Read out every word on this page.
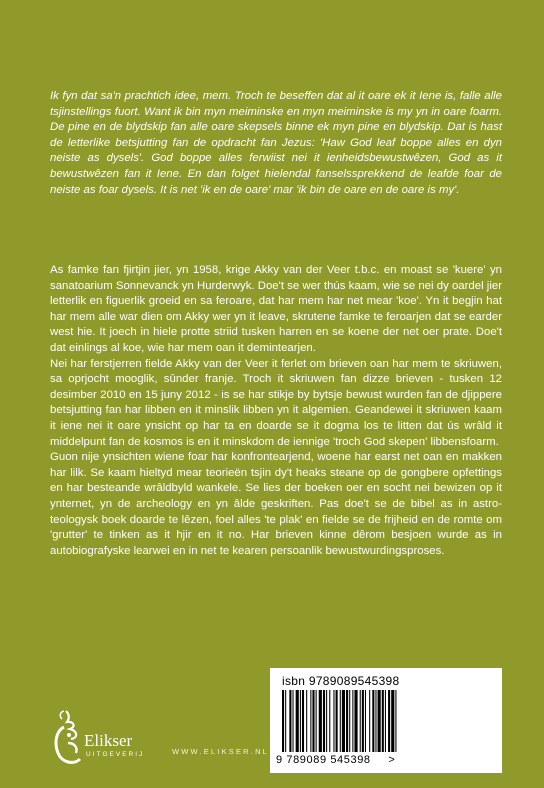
Ik fyn dat sa'n prachtich idee, mem. Troch te beseffen dat al it oare ek it Iene is, falle alle tsjinstellings fuort. Want ik bin myn meiminske en myn meiminske is my yn in oare foarm. De pine en de blydskip fan alle oare skepsels binne ek myn pine en blydskip. Dat is hast de letterlike betsjutting fan de opdracht fan Jezus: 'Haw God leaf boppe alles en dyn neiste as dysels'. God boppe alles ferwiist nei it ienheidsbewustwêzen, God as it bewustwêzen fan it Iene. En dan folget hielendal fanselssprekkend de leafde foar de neiste as foar dysels. It is net 'ik en de oare' mar 'ik bin de oare en de oare is my'.

As famke fan fjirtjin jier, yn 1958, krige Akky van der Veer t.b.c. en moast se 'kuere' yn sanatoarium Sonnevanck yn Hurderwyk. Doe't se wer thús kaam, wie se nei dy oardel jier letterlik en figuerlik groeid en sa feroare, dat har mem har net mear 'koe'. Yn it begjin hat har mem alle war dien om Akky wer yn it leave, skrutene famke te feroarjen dat se earder west hie. It joech in hiele protte striid tusken harren en se koene der net oer prate. Doe't dat einlings al koe, wie har mem oan it demintearjen.

Nei har ferstjerren fielde Akky van der Veer it ferlet om brieven oan har mem te skriuwen, sa oprjocht mooglik, sûnder franje. Troch it skriuwen fan dizze brieven - tusken 12 desimber 2010 en 15 juny 2012 - is se har stikje by bytsje bewust wurden fan de djippere betsjutting fan har libben en it minslik libben yn it algemien. Geandewei it skriuwen kaam it iene nei it oare ynsicht op har ta en doarde se it dogma los te litten dat ús wrâld it middelpunt fan de kosmos is en it minskdom de iennige 'troch God skepen' libbensfoarm.

Guon nije ynsichten wiene foar har konfrontearjend, woene har earst net oan en makken har lilk. Se kaam hieltyd mear teorieën tsjin dy't heaks steane op de gongbere opfettings en har besteande wrâldbyld wankele. Se lies der boeken oer en socht nei bewizen op it ynternet, yn de archeology en yn âlde geskriften. Pas doe't se de bibel as in astro-teologysk boek doarde te lêzen, foel alles 'te plak' en fielde se de frijheid en de romte om 'grutter' te tinken as it hjir en it no. Har brieven kinne dêrom besjoen wurde as in autobiografyske learwei en in net te kearen persoanlik bewustwurdingsproses.

Elikser
UITGEVERIJ	WWW.ELIKSER.NL
isbn 9789089545398
9 789089 545398 >
